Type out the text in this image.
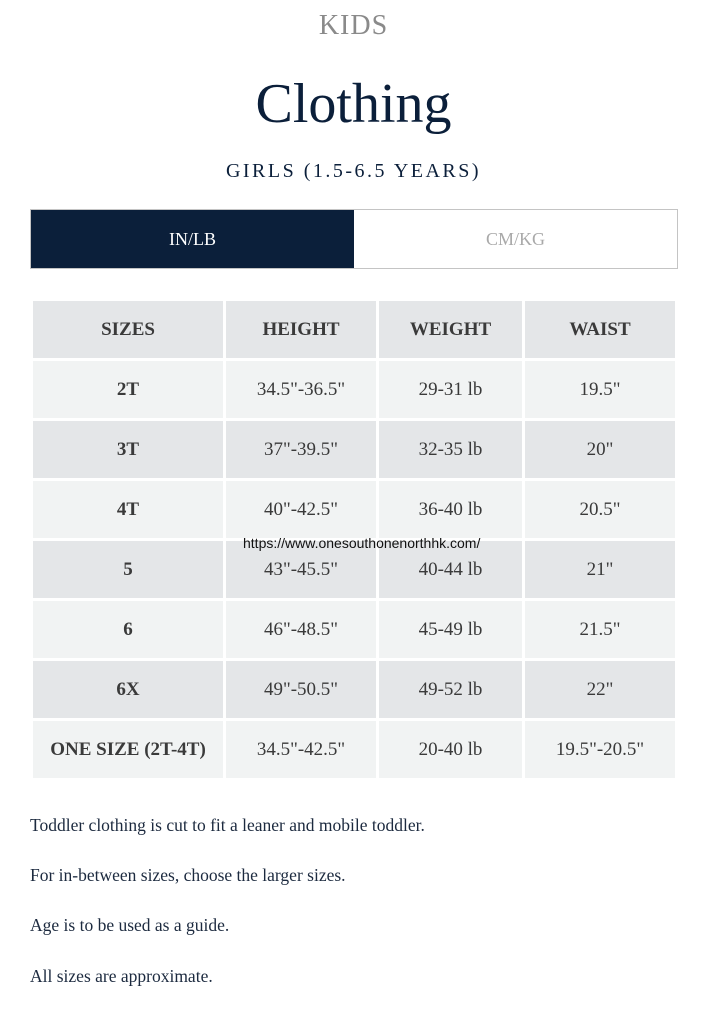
KIDS
Clothing
GIRLS (1.5-6.5 YEARS)
IN/LB	CM/KG
SIZES	HEIGHT	WEIGHT	WAIST
2T	34.5"-36.5"	29-31 lb	19.5"
3T	37"-39.5"	32-35 lb	20"
4T	40"-42.5"	36-40 lb	20.5"
5	43"-45.5"	40-44 lb	21"
6	46"-48.5"	45-49 lb	21.5"
6X	49"-50.5"	49-52 lb	22"
ONE SIZE (2T-4T)	34.5"-42.5"	20-40 lb	19.5"-20.5"
https://www.onesouthonenorthhk.com/

Toddler clothing is cut to fit a leaner and mobile toddler.

For in-between sizes, choose the larger sizes.

Age is to be used as a guide.

All sizes are approximate.
